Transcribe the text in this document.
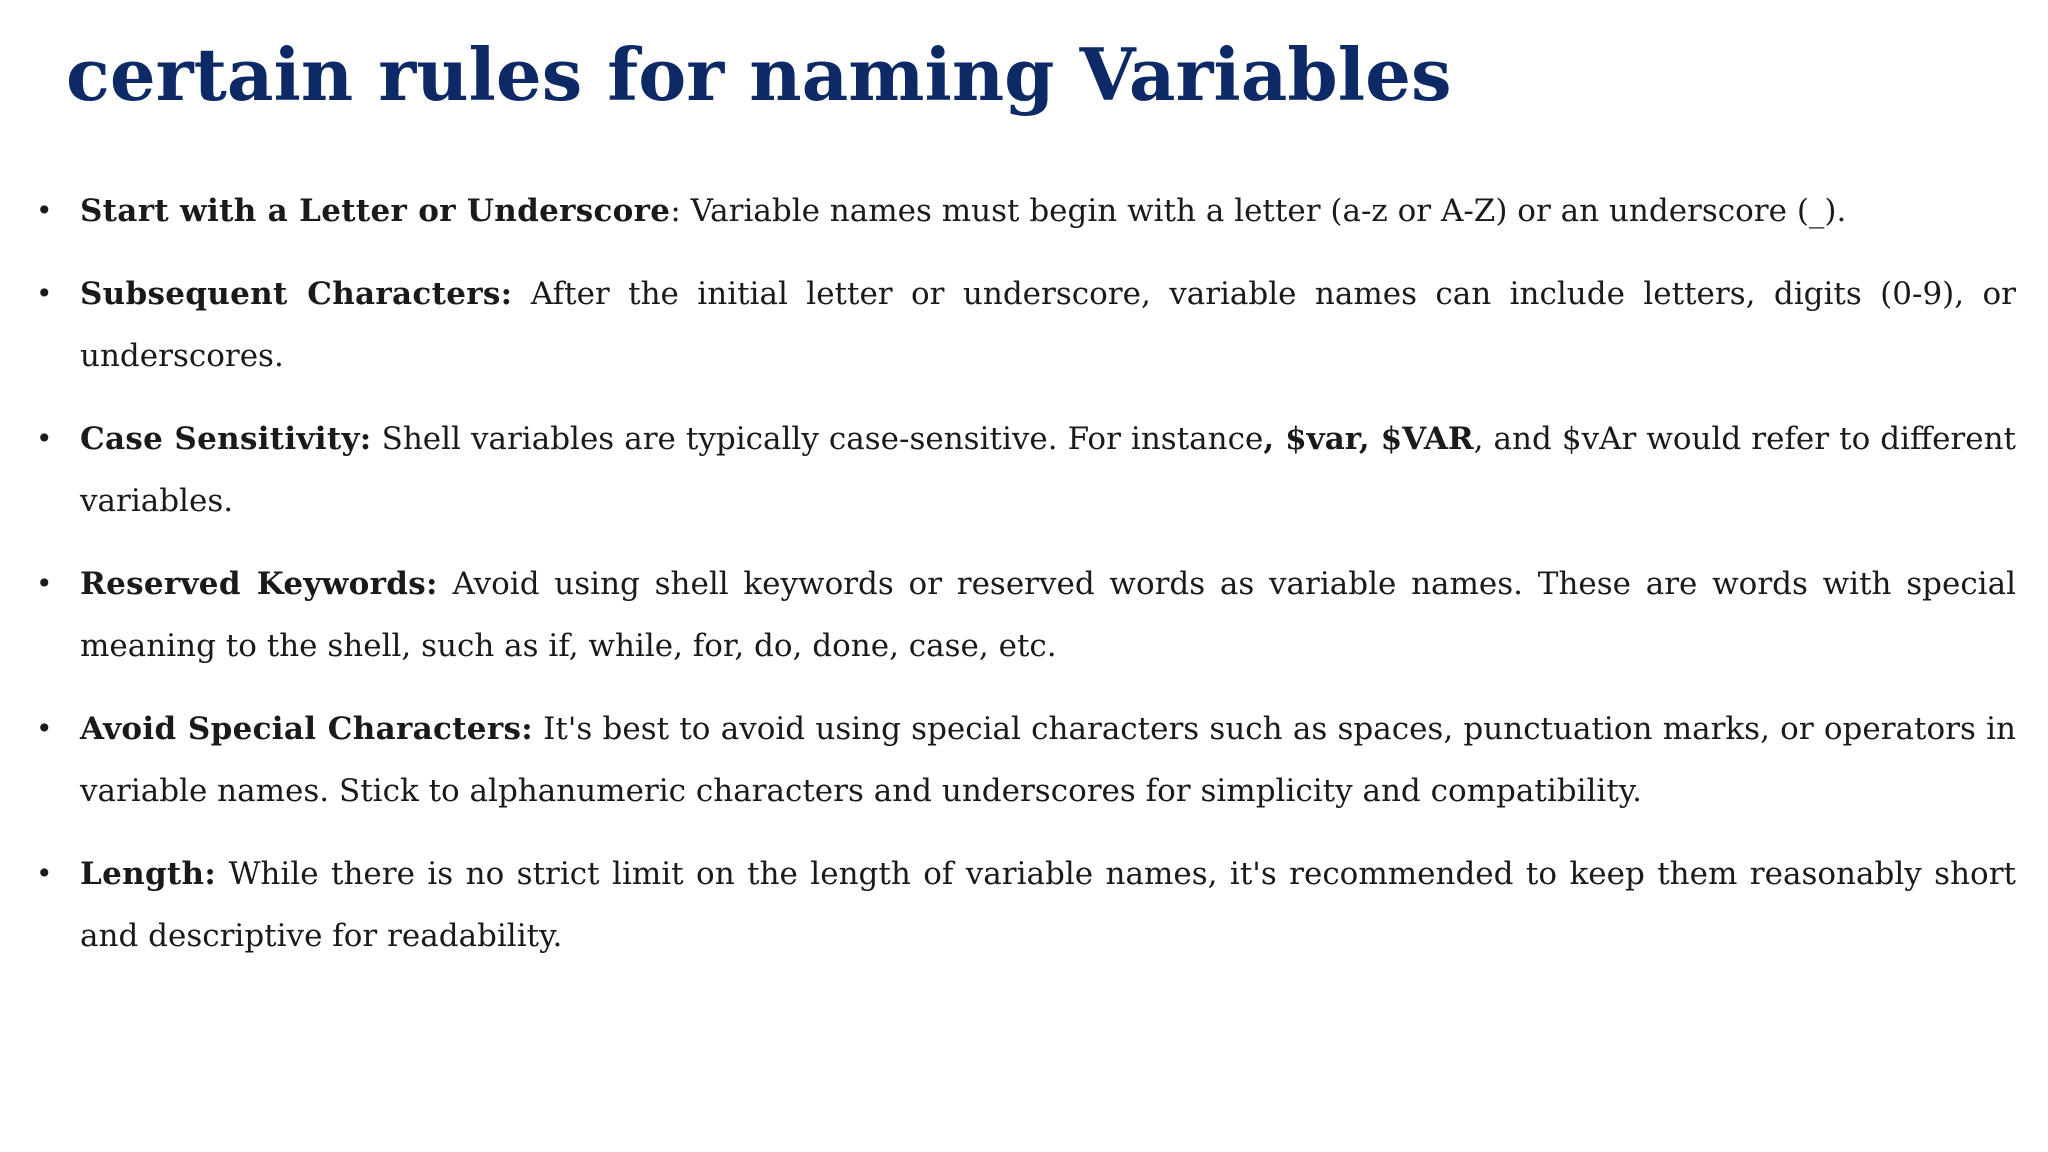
certain rules for naming Variables
• Start with a Letter or Underscore: Variable names must begin with a letter (a-z or A-Z) or an underscore (_).
• Subsequent Characters: After the initial letter or underscore, variable names can include letters, digits (0-9), or underscores.
• Case Sensitivity: Shell variables are typically case-sensitive. For instance, $var, $VAR, and $vAr would refer to different variables.
• Reserved Keywords: Avoid using shell keywords or reserved words as variable names. These are words with special meaning to the shell, such as if, while, for, do, done, case, etc.
• Avoid Special Characters: It's best to avoid using special characters such as spaces, punctuation marks, or operators in variable names. Stick to alphanumeric characters and underscores for simplicity and compatibility.
• Length: While there is no strict limit on the length of variable names, it's recommended to keep them reasonably short and descriptive for readability.
